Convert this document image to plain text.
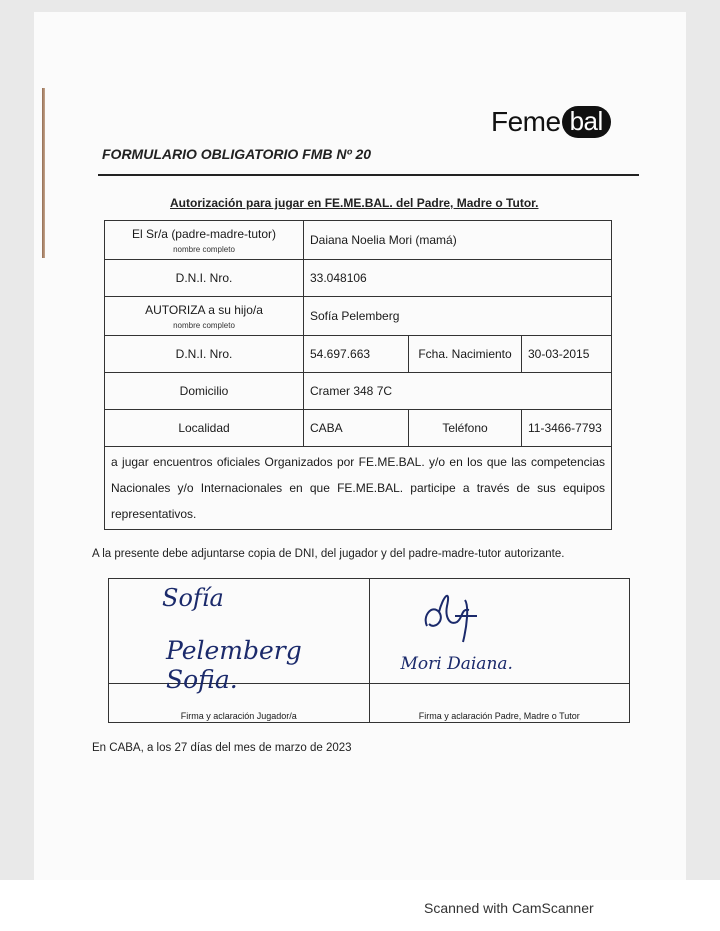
Feme bal
FORMULARIO OBLIGATORIO FMB Nº 20
Autorización para jugar en FE.ME.BAL. del Padre, Madre o Tutor.
El Sr/a (padre-madre-tutor)
nombre completo	Daiana Noelia Mori (mamá)		
D.N.I. Nro.	33.048106		

AUTORIZA a su hijo/a
nombre completo	Sofía Pelemberg		
D.N.I. Nro.	54.697.663	Fcha. Nacimiento	30-03-2015
Domicilio	Cramer 348 7C		
Localidad	CABA	Teléfono	11-3466-7793
a jugar encuentros oficiales Organizados por FE.ME.BAL. y/o en los que las competencias Nacionales y/o Internacionales en que FE.ME.BAL. participe a través de sus equipos representativos.			
A la presente debe adjuntarse copia de DNI, del jugador y del padre-madre-tutor autorizante.
Sofía
Pelemberg Sofia.	Mori Daiana.

Firma y aclaración Jugador/a	Firma y aclaración Padre, Madre o Tutor
En CABA, a los 27 días del mes de marzo de 2023
Scanned with CamScanner
